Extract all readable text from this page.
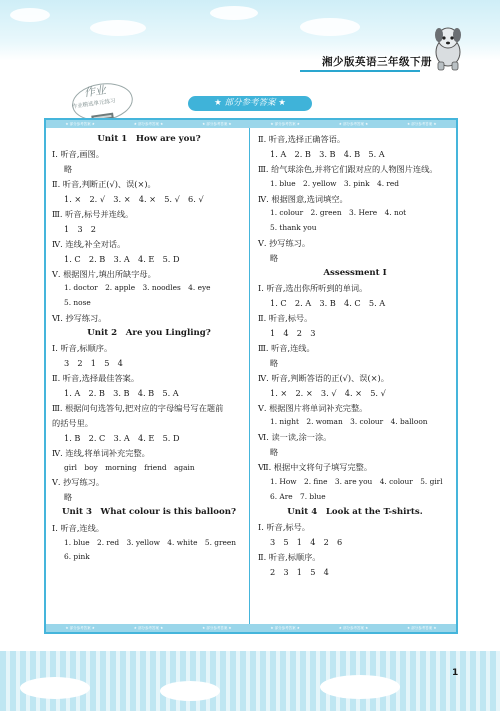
湘少版英语三年级下册
作业
作业精选单元练习	★ 部分参考答案 ★
★ 部分参考答案 ★	★ 部分参考答案 ★	★ 部分参考答案 ★	★ 部分参考答案 ★	★ 部分参考答案 ★	★ 部分参考答案 ★
Unit 1　How are you?
Ⅰ. 听音,画图。
略
Ⅱ. 听音,判断正(√)、误(×)。
1. ×　2. √　3. ×　4. ×　5. √　6. √
Ⅲ. 听音,标号并连线。
1　3　2
Ⅳ. 连线,补全对话。
1. C　2. B　3. A　4. E　5. D
Ⅴ. 根据图片,填出所缺字母。
1. doctor　2. apple　3. noodles　4. eye
5. nose
Ⅵ. 抄写练习。
Unit 2　Are you Lingling?
Ⅰ. 听音,标顺序。
3　2　1　5　4
Ⅱ. 听音,选择最佳答案。
1. A　2. B　3. B　4. B　5. A
Ⅲ. 根据问句选答句,把对应的字母编号写在题前
的括号里。
1. B　2. C　3. A　4. E　5. D
Ⅳ. 连线,将单词补充完整。
girl　boy　morning　friend　again
Ⅴ. 抄写练习。
略
Unit 3　What colour is this balloon?
Ⅰ. 听音,连线。
1. blue　2. red　3. yellow　4. white　5. green
6. pink
Ⅱ. 听音,选择正确答语。
1. A　2. B　3. B　4. B　5. A
Ⅲ. 给气球涂色,并将它们跟对应的人物图片连线。
1. blue　2. yellow　3. pink　4. red
Ⅳ. 根据图意,选词填空。
1. colour　2. green　3. Here　4. not
5. thank you
Ⅴ. 抄写练习。
略
Assessment Ⅰ
Ⅰ. 听音,选出你所听到的单词。
1. C　2. A　3. B　4. C　5. A
Ⅱ. 听音,标号。
1　4　2　3
Ⅲ. 听音,连线。
略
Ⅳ. 听音,判断答语的正(√)、误(×)。
1. ×　2. ×　3. √　4. ×　5. √
Ⅴ. 根据图片将单词补充完整。
1. night　2. woman　3. colour　4. balloon
Ⅵ. 读一读,涂一涂。
略
Ⅶ. 根据中文将句子填写完整。
1. How　2. fine　3. are you　4. colour　5. girl
6. Are　7. blue
Unit 4　Look at the T-shirts.
Ⅰ. 听音,标号。
3　5　1　4　2　6
Ⅱ. 听音,标顺序。
2　3　1　5　4
★ 部分参考答案 ★	★ 部分参考答案 ★	★ 部分参考答案 ★	★ 部分参考答案 ★	★ 部分参考答案 ★	★ 部分参考答案 ★
1
